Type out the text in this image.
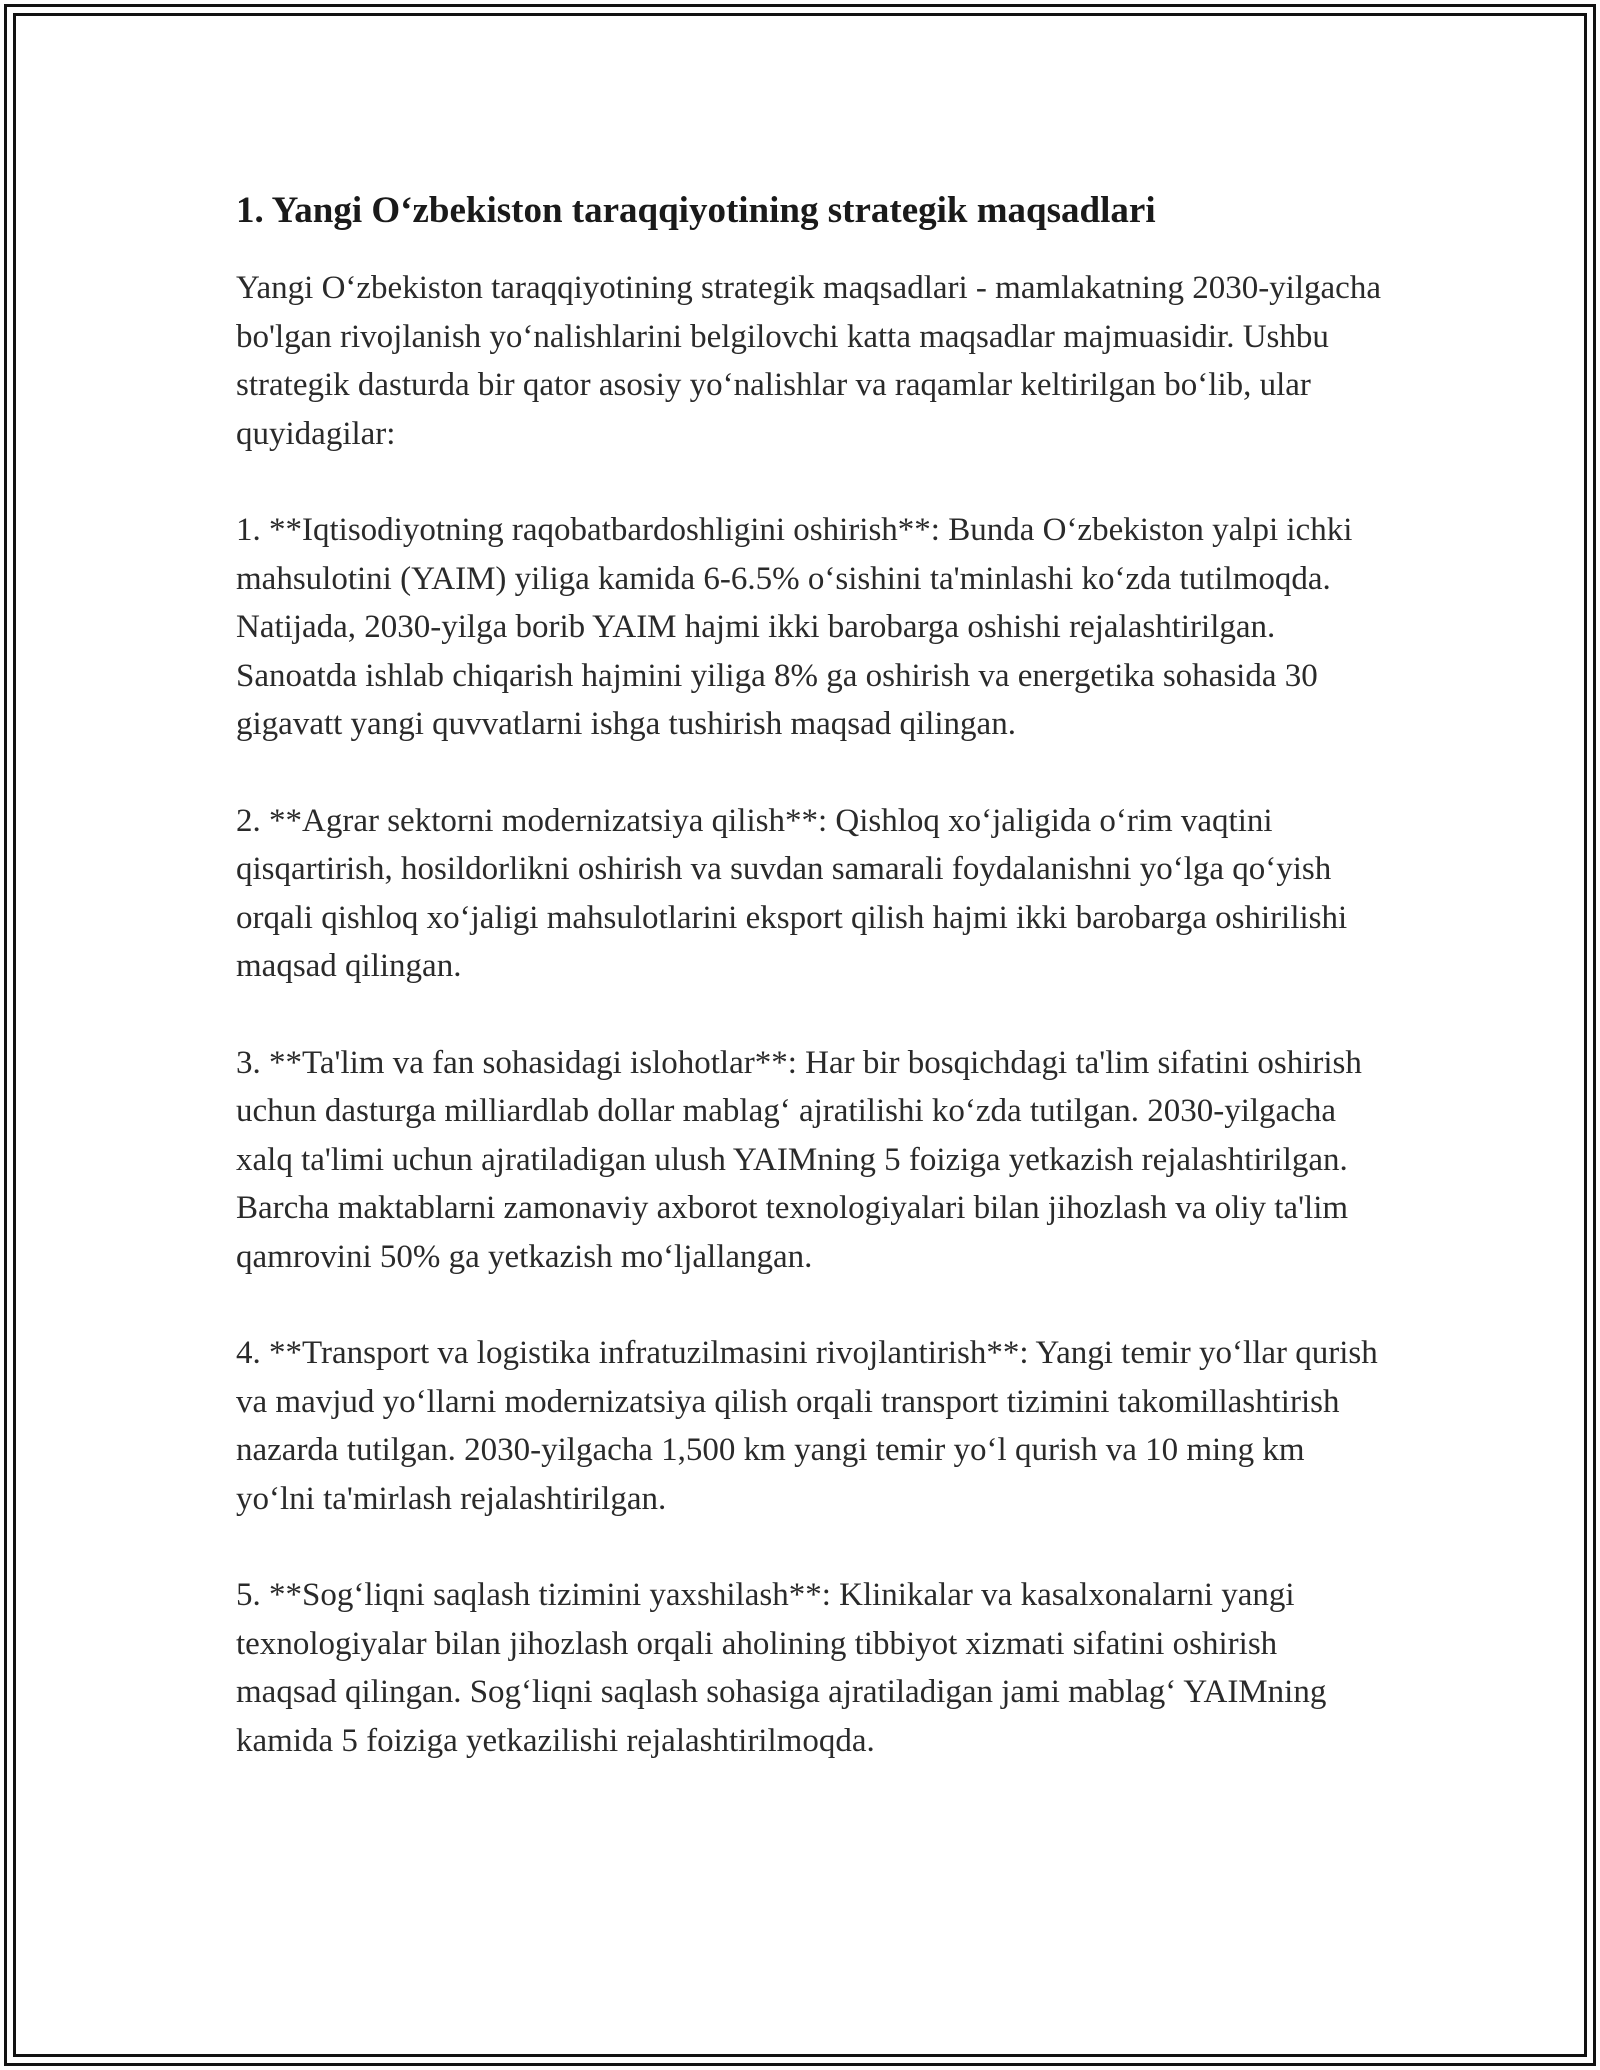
1. Yangi O‘zbekiston taraqqiyotining strategik maqsadlari

Yangi O‘zbekiston taraqqiyotining strategik maqsadlari - mamlakatning 2030-yilgacha bo'lgan rivojlanish yo‘nalishlarini belgilovchi katta maqsadlar majmuasidir. Ushbu strategik dasturda bir qator asosiy yo‘nalishlar va raqamlar keltirilgan bo‘lib, ular quyidagilar:

1. **Iqtisodiyotning raqobatbardoshligini oshirish**: Bunda O‘zbekiston yalpi ichki mahsulotini (YAIM) yiliga kamida 6-6.5% o‘sishini ta'minlashi ko‘zda tutilmoqda. Natijada, 2030-yilga borib YAIM hajmi ikki barobarga oshishi rejalashtirilgan. Sanoatda ishlab chiqarish hajmini yiliga 8% ga oshirish va energetika sohasida 30 gigavatt yangi quvvatlarni ishga tushirish maqsad qilingan.

2. **Agrar sektorni modernizatsiya qilish**: Qishloq xo‘jaligida o‘rim vaqtini qisqartirish, hosildorlikni oshirish va suvdan samarali foydalanishni yo‘lga qo‘yish orqali qishloq xo‘jaligi mahsulotlarini eksport qilish hajmi ikki barobarga oshirilishi maqsad qilingan.

3. **Ta'lim va fan sohasidagi islohotlar**: Har bir bosqichdagi ta'lim sifatini oshirish uchun dasturga milliardlab dollar mablag‘ ajratilishi ko‘zda tutilgan. 2030-yilgacha xalq ta'limi uchun ajratiladigan ulush YAIMning 5 foiziga yetkazish rejalashtirilgan. Barcha maktablarni zamonaviy axborot texnologiyalari bilan jihozlash va oliy ta'lim qamrovini 50% ga yetkazish mo‘ljallangan.

4. **Transport va logistika infratuzilmasini rivojlantirish**: Yangi temir yo‘llar qurish va mavjud yo‘llarni modernizatsiya qilish orqali transport tizimini takomillashtirish nazarda tutilgan. 2030-yilgacha 1,500 km yangi temir yo‘l qurish va 10 ming km yo‘lni ta'mirlash rejalashtirilgan.

5. **Sog‘liqni saqlash tizimini yaxshilash**: Klinikalar va kasalxonalarni yangi texnologiyalar bilan jihozlash orqali aholining tibbiyot xizmati sifatini oshirish maqsad qilingan. Sog‘liqni saqlash sohasiga ajratiladigan jami mablag‘ YAIMning kamida 5 foiziga yetkazilishi rejalashtirilmoqda.
